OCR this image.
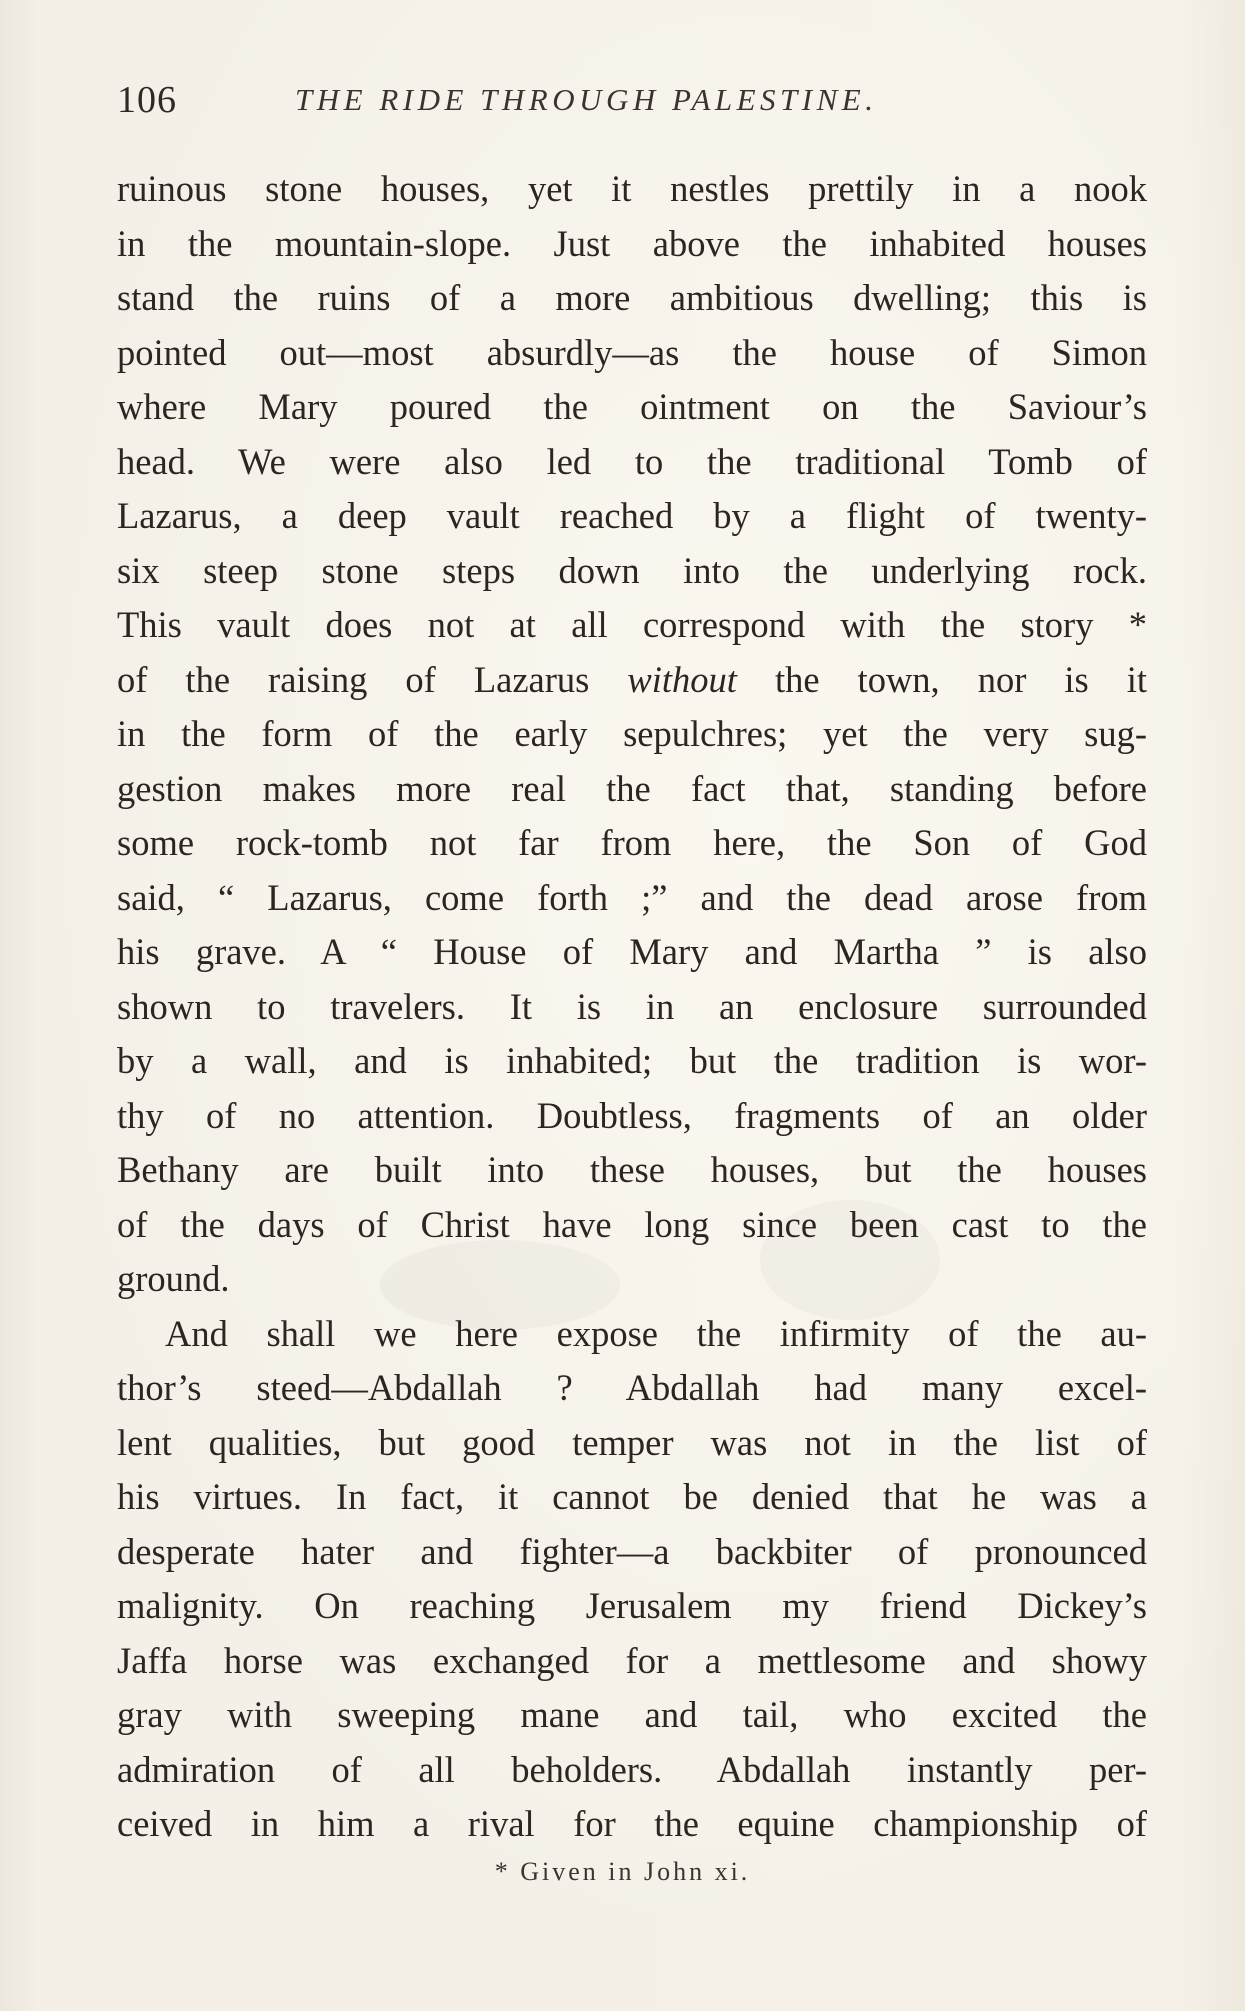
106	THE RIDE THROUGH PALESTINE.
ruinous stone houses, yet it nestles prettily in a nook
in the mountain-slope. Just above the inhabited houses
stand the ruins of a more ambitious dwelling; this is
pointed out—most absurdly—as the house of Simon
where Mary poured the ointment on the Saviour’s
head. We were also led to the traditional Tomb of
Lazarus, a deep vault reached by a flight of twenty-
six steep stone steps down into the underlying rock.
This vault does not at all correspond with the story *
of the raising of Lazarus without the town, nor is it
in the form of the early sepulchres; yet the very sug-
gestion makes more real the fact that, standing before
some rock-tomb not far from here, the Son of God
said, “ Lazarus, come forth ;” and the dead arose from
his grave. A “ House of Mary and Martha ” is also
shown to travelers. It is in an enclosure surrounded
by a wall, and is inhabited; but the tradition is wor-
thy of no attention. Doubtless, fragments of an older
Bethany are built into these houses, but the houses
of the days of Christ have long since been cast to the
ground.
And shall we here expose the infirmity of the au-
thor’s steed—Abdallah ? Abdallah had many excel-
lent qualities, but good temper was not in the list of
his virtues. In fact, it cannot be denied that he was a
desperate hater and fighter—a backbiter of pronounced
malignity. On reaching Jerusalem my friend Dickey’s
Jaffa horse was exchanged for a mettlesome and showy
gray with sweeping mane and tail, who excited the
admiration of all beholders. Abdallah instantly per-
ceived in him a rival for the equine championship of
* Given in John xi.
